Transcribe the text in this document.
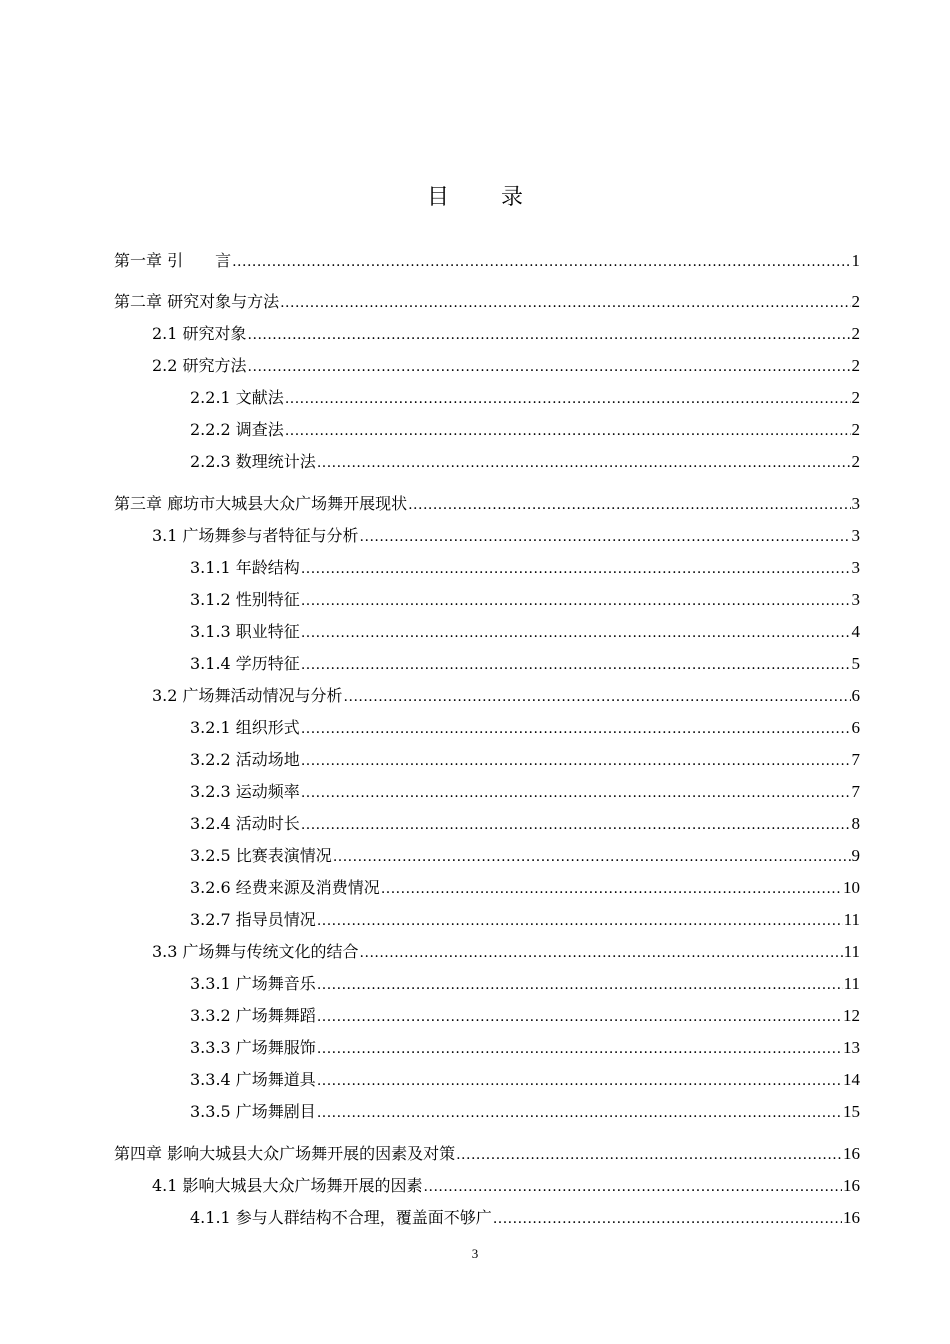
目录
第一章 引　　言 .....	1
第二章 研究对象与方法 .....	2
2.1 研究对象 .....	2
2.2 研究方法 .....	2
2.2.1 文献法 .....	2
2.2.2 调查法 .....	2
2.2.3 数理统计法 .....	2
第三章 廊坊市大城县大众广场舞开展现状 .....	3
3.1 广场舞参与者特征与分析 .....	3
3.1.1 年龄结构 .....	3
3.1.2 性别特征 .....	3
3.1.3 职业特征 .....	4
3.1.4 学历特征 .....	5
3.2 广场舞活动情况与分析 .....	6
3.2.1 组织形式 .....	6
3.2.2 活动场地 .....	7
3.2.3 运动频率 .....	7
3.2.4 活动时长 .....	8
3.2.5 比赛表演情况 .....	9
3.2.6 经费来源及消费情况 .....	10
3.2.7 指导员情况 .....	11
3.3 广场舞与传统文化的结合 .....	11
3.3.1 广场舞音乐 .....	11
3.3.2 广场舞舞蹈 .....	12
3.3.3 广场舞服饰 .....	13
3.3.4 广场舞道具 .....	14
3.3.5 广场舞剧目 .....	15
第四章 影响大城县大众广场舞开展的因素及对策 .....	16
4.1 影响大城县大众广场舞开展的因素 .....	16
4.1.1 参与人群结构不合理，覆盖面不够广 .....	16
3
